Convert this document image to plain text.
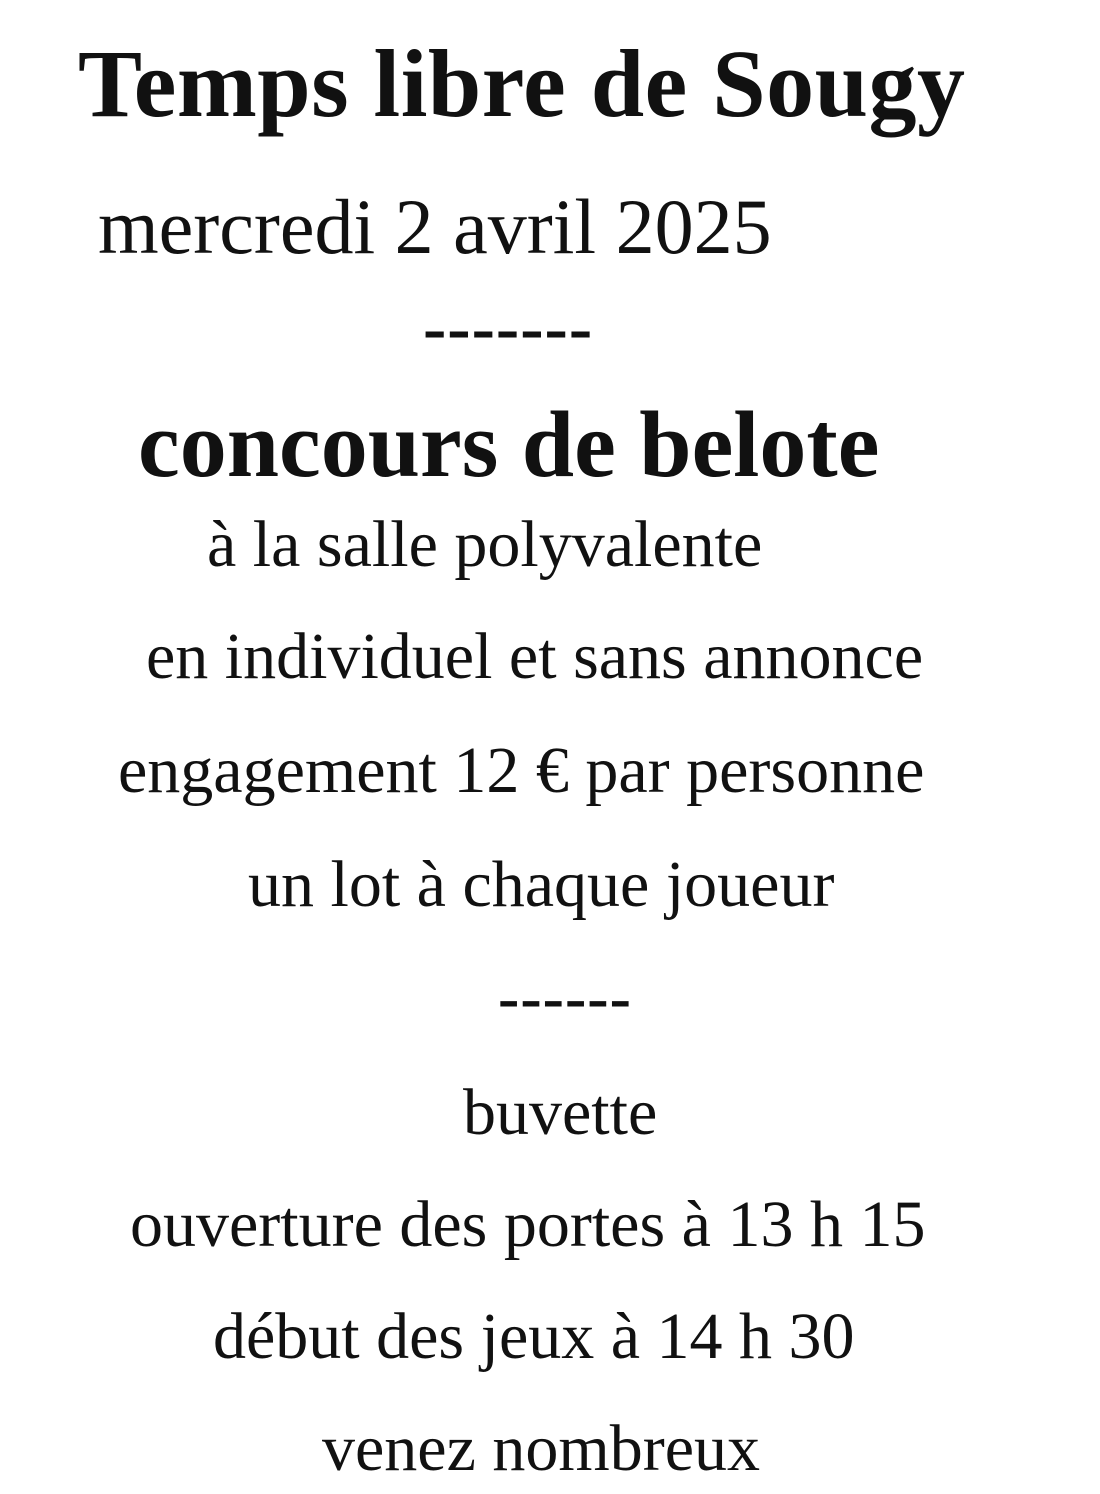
Temps libre de Sougy

mercredi 2 avril 2025

-------

concours de belote

à la salle polyvalente

en individuel et sans annonce

engagement 12 € par personne

un lot à chaque joueur

------

buvette

ouverture des portes à 13 h 15

début des jeux à 14 h 30

venez nombreux
